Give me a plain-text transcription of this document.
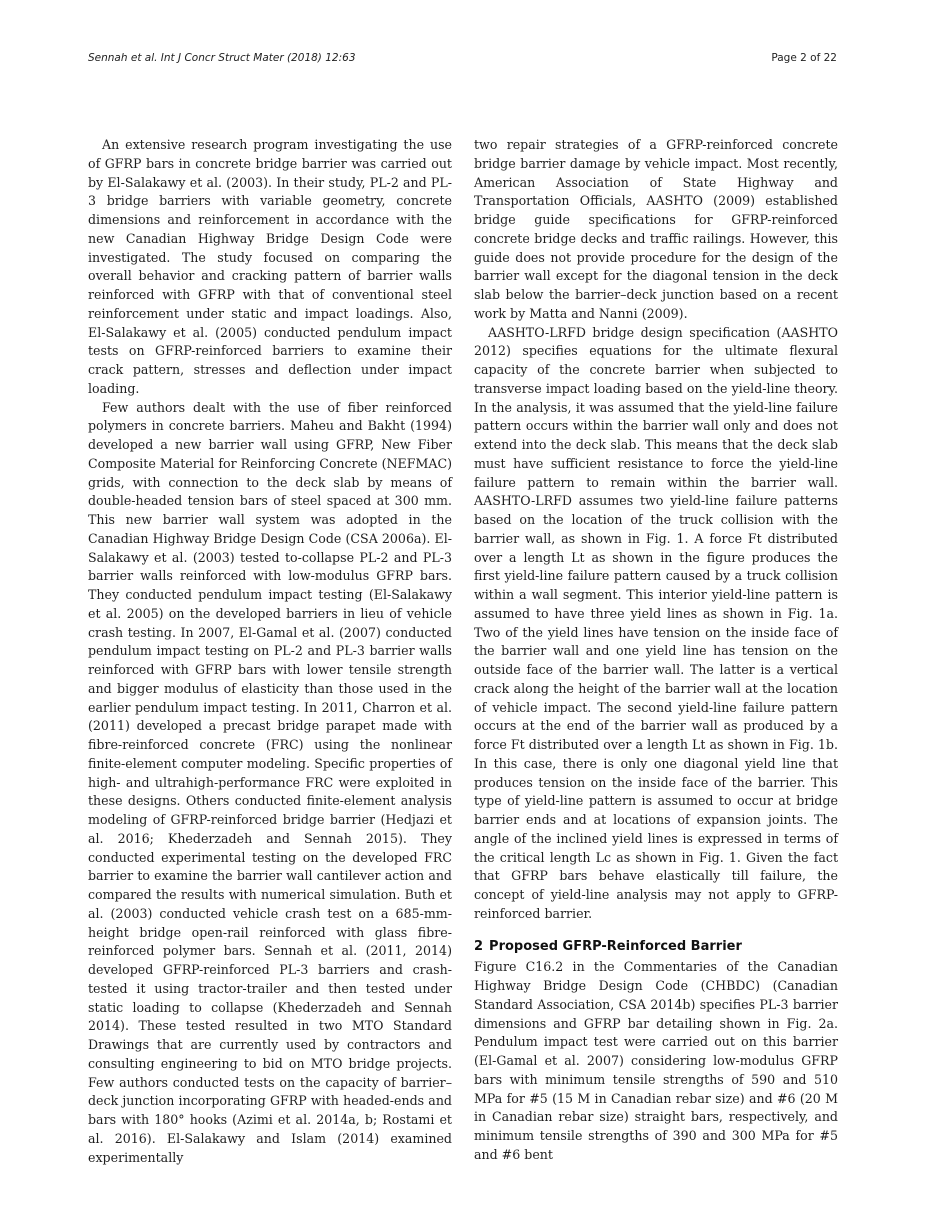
Sennah et al. Int J Concr Struct Mater (2018) 12:63	Page 2 of 22

An extensive research program investigating the use of GFRP bars in concrete bridge barrier was carried out by El-Salakawy et al. (2003). In their study, PL-2 and PL-3 bridge barriers with variable geometry, concrete dimensions and reinforcement in accordance with the new Canadian Highway Bridge Design Code were investigated. The study focused on comparing the overall behavior and cracking pattern of barrier walls reinforced with GFRP with that of conventional steel reinforcement under static and impact loadings. Also, El-Salakawy et al. (2005) conducted pendulum impact tests on GFRP-reinforced barriers to examine their crack pattern, stresses and deflection under impact loading.

Few authors dealt with the use of fiber reinforced polymers in concrete barriers. Maheu and Bakht (1994) developed a new barrier wall using GFRP, New Fiber Composite Material for Reinforcing Concrete (NEFMAC) grids, with connection to the deck slab by means of double-headed tension bars of steel spaced at 300 mm. This new barrier wall system was adopted in the Canadian Highway Bridge Design Code (CSA 2006a). El-Salakawy et al. (2003) tested to-collapse PL-2 and PL-3 barrier walls reinforced with low-modulus GFRP bars. They conducted pendulum impact testing (El-Salakawy et al. 2005) on the developed barriers in lieu of vehicle crash testing. In 2007, El-Gamal et al. (2007) conducted pendulum impact testing on PL-2 and PL-3 barrier walls reinforced with GFRP bars with lower tensile strength and bigger modulus of elasticity than those used in the earlier pendulum impact testing. In 2011, Charron et al. (2011) developed a precast bridge parapet made with fibre-reinforced concrete (FRC) using the nonlinear finite-element computer modeling. Specific properties of high- and ultrahigh-performance FRC were exploited in these designs. Others conducted finite-element analysis modeling of GFRP-reinforced bridge barrier (Hedjazi et al. 2016; Khederzadeh and Sennah 2015). They conducted experimental testing on the developed FRC barrier to examine the barrier wall cantilever action and compared the results with numerical simulation. Buth et al. (2003) conducted vehicle crash test on a 685-mm-height bridge open-rail reinforced with glass fibre-reinforced polymer bars. Sennah et al. (2011, 2014) developed GFRP-reinforced PL-3 barriers and crash-tested it using tractor-trailer and then tested under static loading to collapse (Khederzadeh and Sennah 2014). These tested resulted in two MTO Standard Drawings that are currently used by contractors and consulting engineering to bid on MTO bridge projects. Few authors conducted tests on the capacity of barrier–deck junction incorporating GFRP with headed-ends and bars with 180° hooks (Azimi et al. 2014a, b; Rostami et al. 2016). El-Salakawy and Islam (2014) examined experimentally

two repair strategies of a GFRP-reinforced concrete bridge barrier damage by vehicle impact. Most recently, American Association of State Highway and Transportation Officials, AASHTO (2009) established bridge guide specifications for GFRP-reinforced concrete bridge decks and traffic railings. However, this guide does not provide procedure for the design of the barrier wall except for the diagonal tension in the deck slab below the barrier–deck junction based on a recent work by Matta and Nanni (2009).

AASHTO-LRFD bridge design specification (AASHTO 2012) specifies equations for the ultimate flexural capacity of the concrete barrier when subjected to transverse impact loading based on the yield-line theory. In the analysis, it was assumed that the yield-line failure pattern occurs within the barrier wall only and does not extend into the deck slab. This means that the deck slab must have sufficient resistance to force the yield-line failure pattern to remain within the barrier wall. AASHTO-LRFD assumes two yield-line failure patterns based on the location of the truck collision with the barrier wall, as shown in Fig. 1. A force Ft distributed over a length Lt as shown in the figure produces the first yield-line failure pattern caused by a truck collision within a wall segment. This interior yield-line pattern is assumed to have three yield lines as shown in Fig. 1a. Two of the yield lines have tension on the inside face of the barrier wall and one yield line has tension on the outside face of the barrier wall. The latter is a vertical crack along the height of the barrier wall at the location of vehicle impact. The second yield-line failure pattern occurs at the end of the barrier wall as produced by a force Ft distributed over a length Lt as shown in Fig. 1b. In this case, there is only one diagonal yield line that produces tension on the inside face of the barrier. This type of yield-line pattern is assumed to occur at bridge barrier ends and at locations of expansion joints. The angle of the inclined yield lines is expressed in terms of the critical length Lc as shown in Fig. 1. Given the fact that GFRP bars behave elastically till failure, the concept of yield-line analysis may not apply to GFRP-reinforced barrier.

2 Proposed GFRP-Reinforced Barrier

Figure C16.2 in the Commentaries of the Canadian Highway Bridge Design Code (CHBDC) (Canadian Standard Association, CSA 2014b) specifies PL-3 barrier dimensions and GFRP bar detailing shown in Fig. 2a. Pendulum impact test were carried out on this barrier (El-Gamal et al. 2007) considering low-modulus GFRP bars with minimum tensile strengths of 590 and 510 MPa for #5 (15 M in Canadian rebar size) and #6 (20 M in Canadian rebar size) straight bars, respectively, and minimum tensile strengths of 390 and 300 MPa for #5 and #6 bent
